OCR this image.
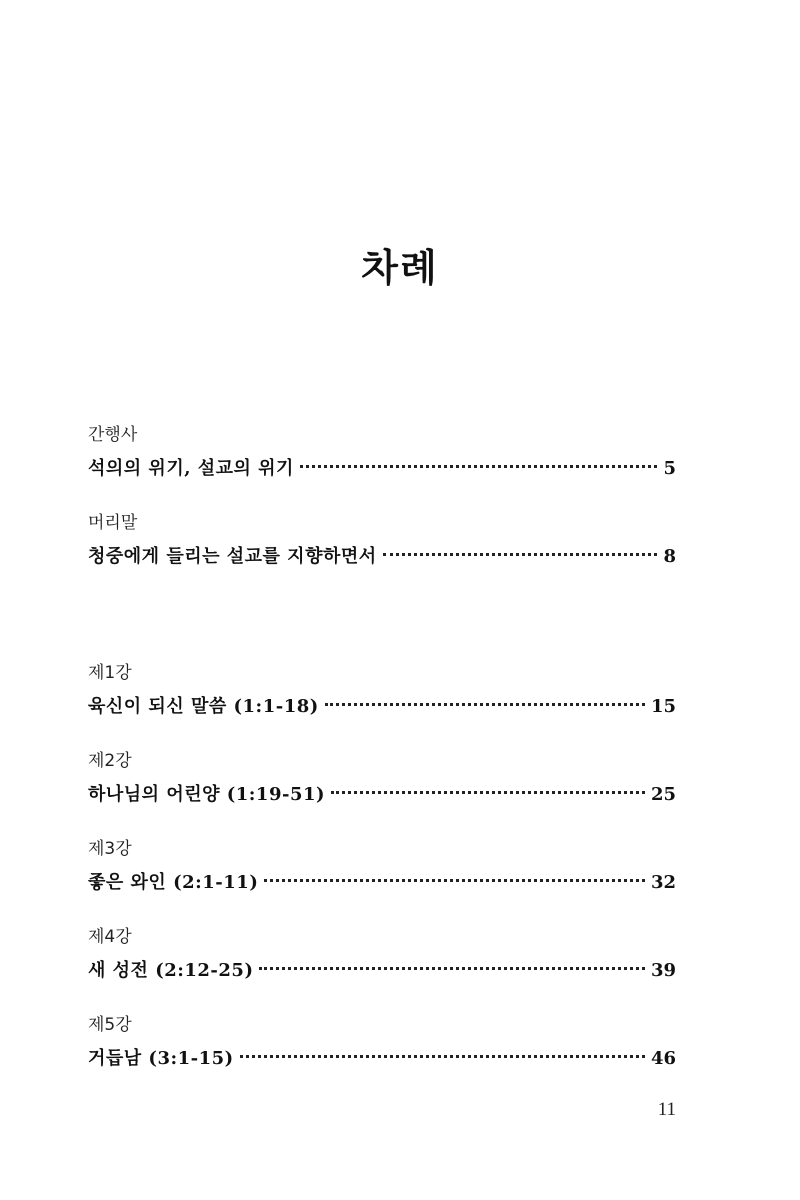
차례
간행사
석의의 위기, 설교의 위기	5
머리말
청중에게 들리는 설교를 지향하면서	8
제1강
육신이 되신 말씀 (1:1-18)	15
제2강
하나님의 어린양 (1:19-51)	25
제3강
좋은 와인 (2:1-11)	32
제4강
새 성전 (2:12-25)	39
제5강
거듭남 (3:1-15)	46
11
